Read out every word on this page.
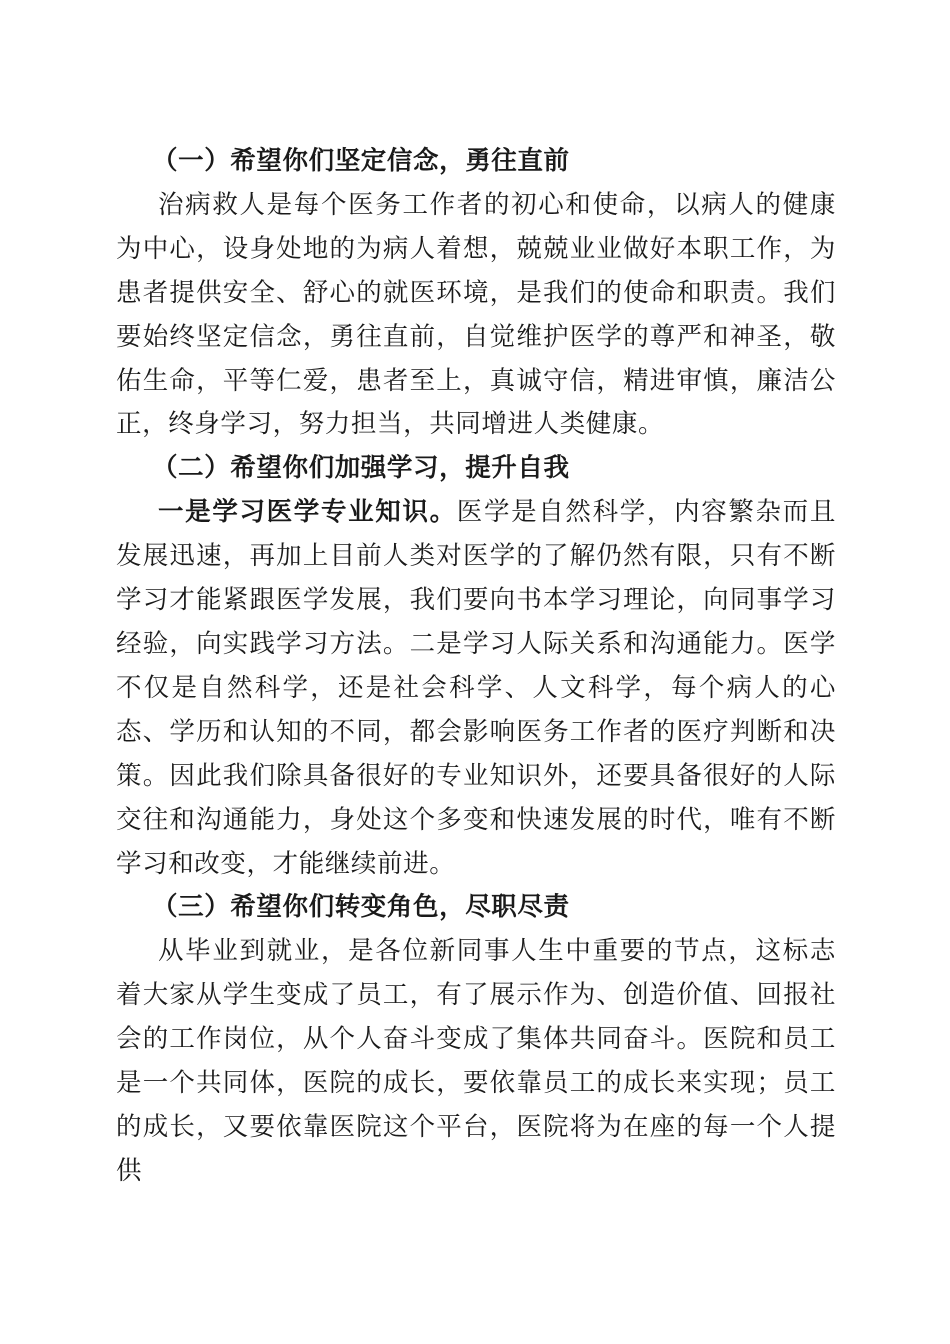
（一）希望你们坚定信念，勇往直前

治病救人是每个医务工作者的初心和使命，以病人的健康为中心，设身处地的为病人着想，兢兢业业做好本职工作，为患者提供安全、舒心的就医环境，是我们的使命和职责。我们要始终坚定信念，勇往直前，自觉维护医学的尊严和神圣，敬佑生命，平等仁爱，患者至上，真诚守信，精进审慎，廉洁公正，终身学习，努力担当，共同增进人类健康。

（二）希望你们加强学习，提升自我

一是学习医学专业知识。医学是自然科学，内容繁杂而且发展迅速，再加上目前人类对医学的了解仍然有限，只有不断学习才能紧跟医学发展，我们要向书本学习理论，向同事学习经验，向实践学习方法。二是学习人际关系和沟通能力。医学不仅是自然科学，还是社会科学、人文科学，每个病人的心态、学历和认知的不同，都会影响医务工作者的医疗判断和决策。因此我们除具备很好的专业知识外，还要具备很好的人际交往和沟通能力，身处这个多变和快速发展的时代，唯有不断学习和改变，才能继续前进。

（三）希望你们转变角色，尽职尽责

从毕业到就业，是各位新同事人生中重要的节点，这标志着大家从学生变成了员工，有了展示作为、创造价值、回报社会的工作岗位，从个人奋斗变成了集体共同奋斗。医院和员工是一个共同体，医院的成长，要依靠员工的成长来实现；员工的成长，又要依靠医院这个平台，医院将为在座的每一个人提供
